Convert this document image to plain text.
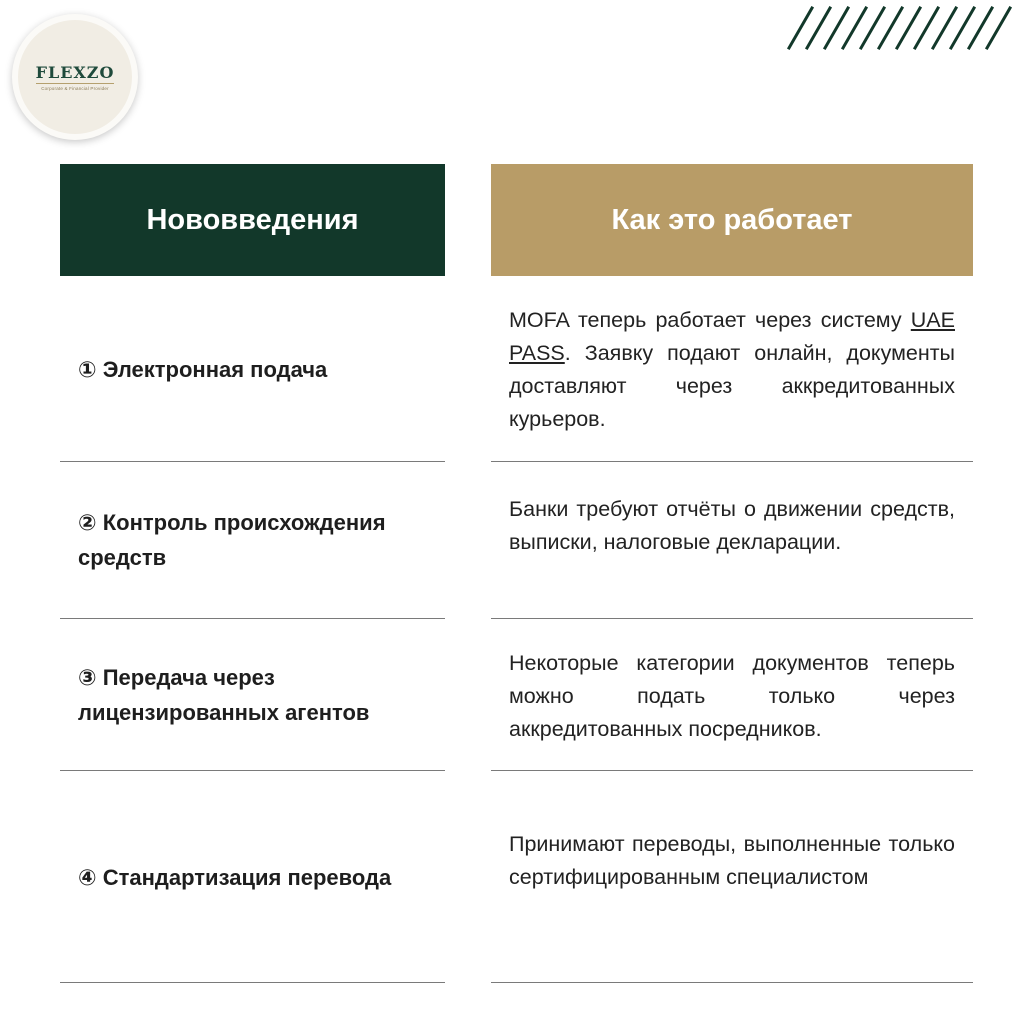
FLEXZO
Corporate & Financial Provider
Нововведения	Как это работает
① Электронная подача
MOFA теперь работает через систему UAE PASS. Заявку подают онлайн, документы доставляют через аккредитованных курьеров.
② Контроль происхождения средств
Банки требуют отчёты о движении средств, выписки, налоговые декларации.
③ Передача через лицензированных агентов
Некоторые категории документов теперь можно подать только через аккредитованных посредников.
④ Стандартизация перевода
Принимают переводы, выполненные только сертифицированным специалистом
